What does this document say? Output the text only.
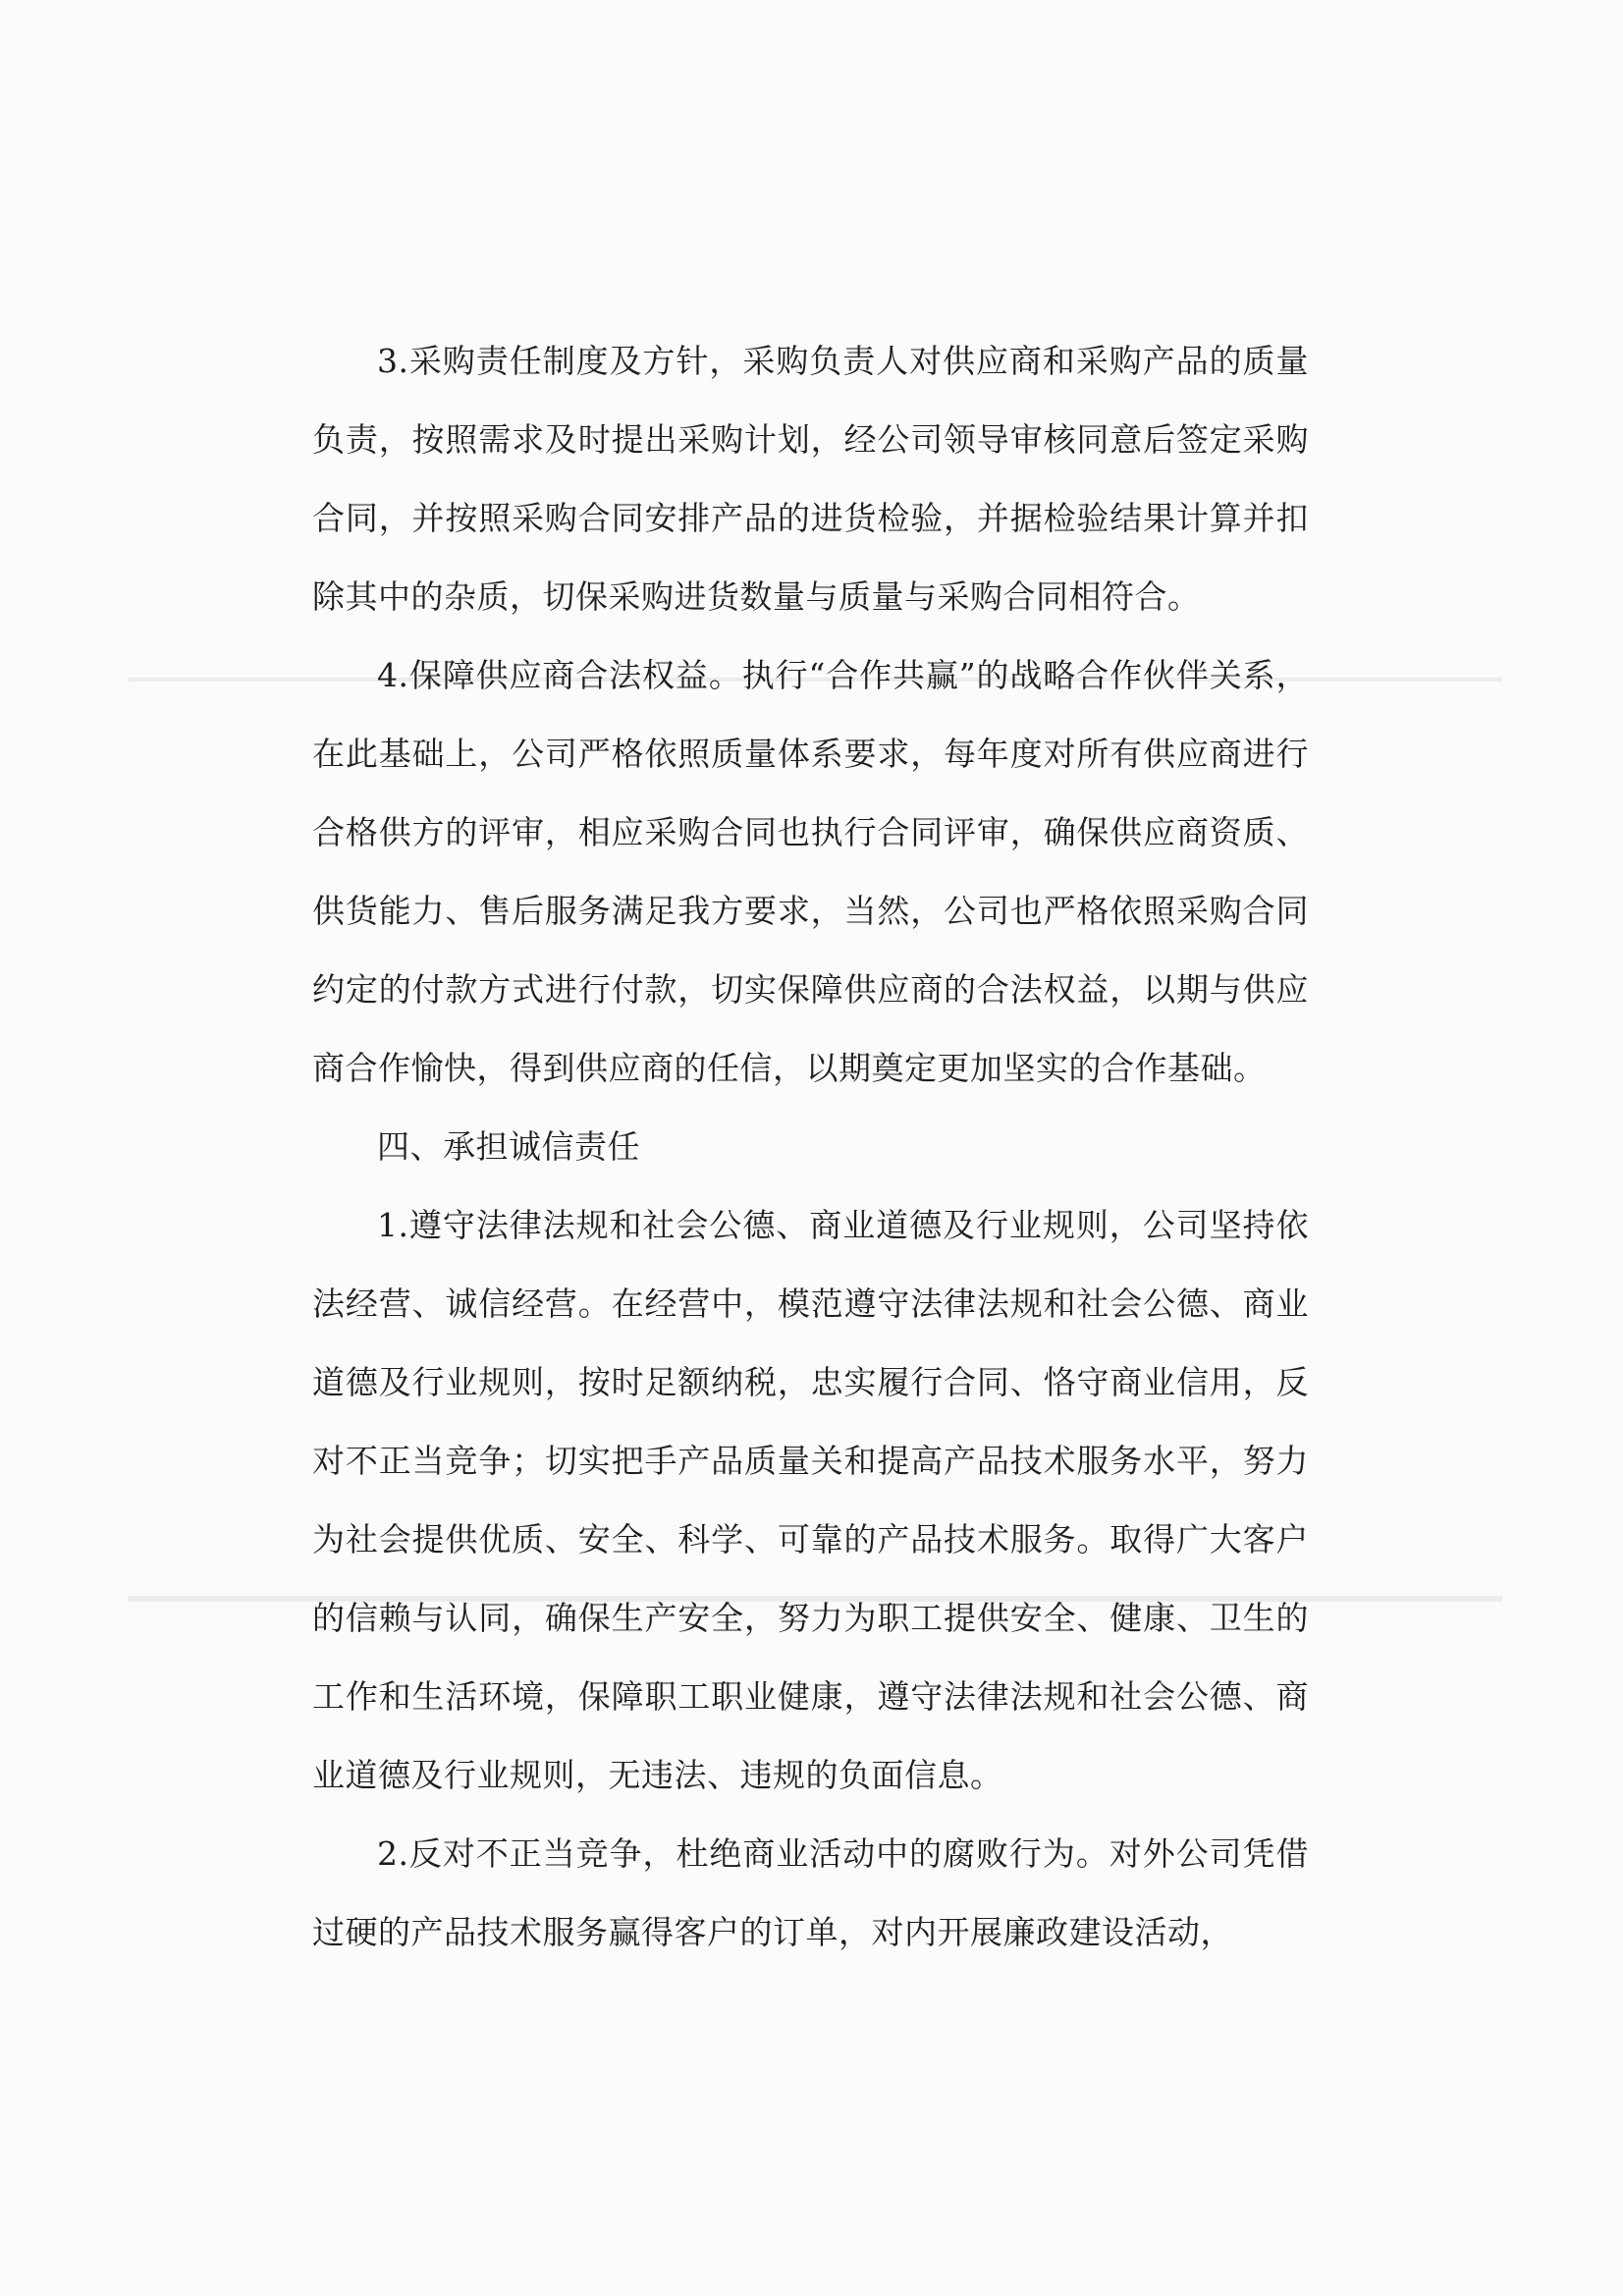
3.采购责任制度及方针，采购负责人对供应商和采购产品的质量负责，按照需求及时提出采购计划，经公司领导审核同意后签定采购合同，并按照采购合同安排产品的进货检验，并据检验结果计算并扣除其中的杂质，切保采购进货数量与质量与采购合同相符合。

4.保障供应商合法权益。执行“合作共赢”的战略合作伙伴关系， 在此基础上，公司严格依照质量体系要求，每年度对所有供应商进行合格供方的评审，相应采购合同也执行合同评审，确保供应商资质、供货能力、售后服务满足我方要求，当然，公司也严格依照采购合同约定的付款方式进行付款，切实保障供应商的合法权益，以期与供应商合作愉快，得到供应商的任信，以期奠定更加坚实的合作基础。

四、承担诚信责任

1.遵守法律法规和社会公德、商业道德及行业规则，公司坚持依法经营、诚信经营。在经营中，模范遵守法律法规和社会公德、商业道德及行业规则，按时足额纳税，忠实履行合同、恪守商业信用，反对不正当竞争；切实把手产品质量关和提高产品技术服务水平，努力为社会提供优质、安全、科学、可靠的产品技术服务。取得广大客户的信赖与认同，确保生产安全，努力为职工提供安全、健康、卫生的工作和生活环境，保障职工职业健康，遵守法律法规和社会公德、商业道德及行业规则，无违法、违规的负面信息。

2.反对不正当竞争，杜绝商业活动中的腐败行为。对外公司凭借过硬的产品技术服务赢得客户的订单，对内开展廉政建设活动，
